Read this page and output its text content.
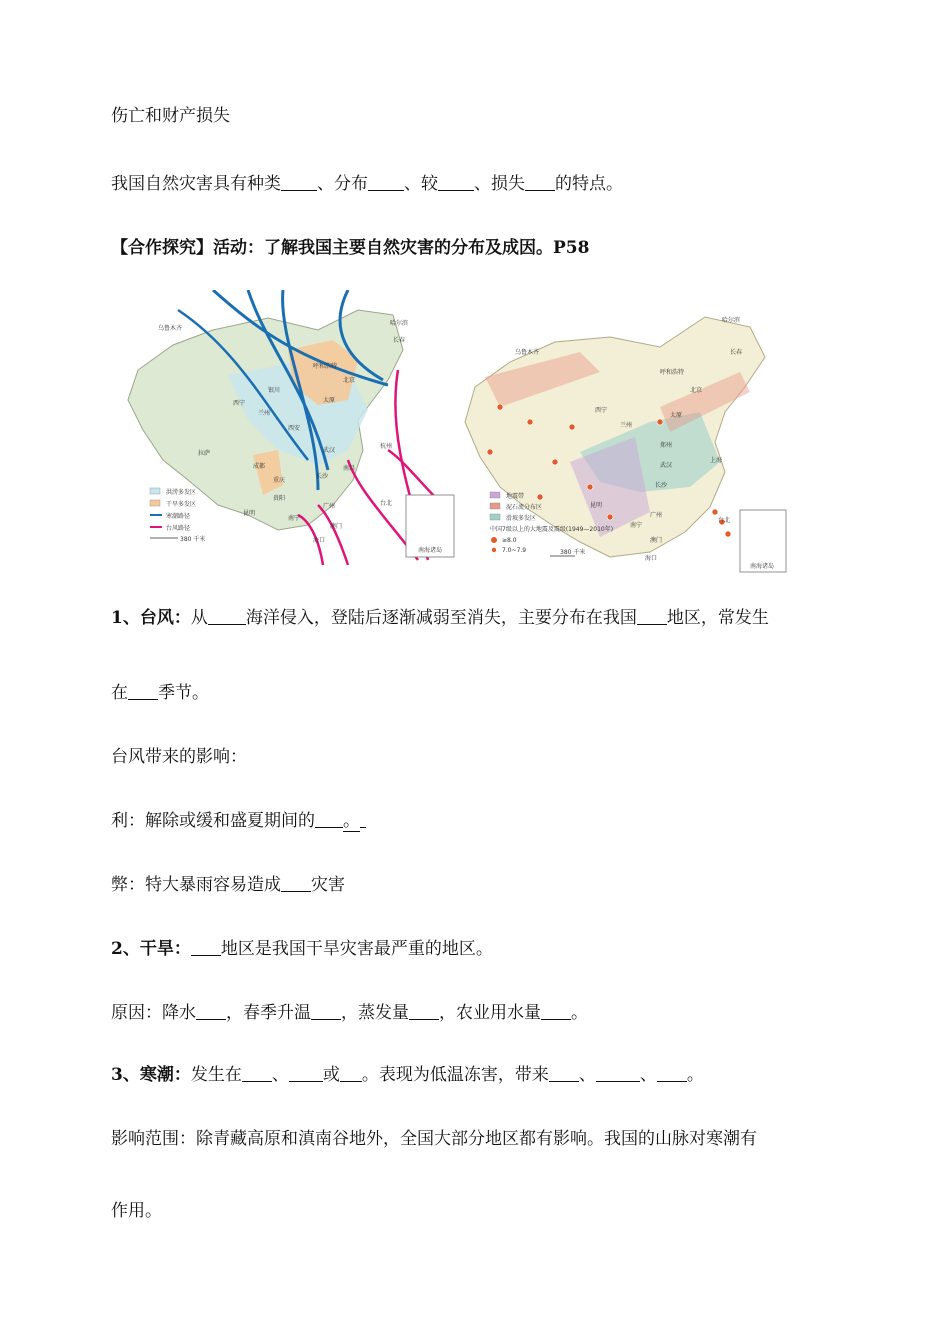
伤亡和财产损失
我国自然灾害具有种类 、分布 、较 、损失 的特点。
【合作探究】活动：了解我国主要自然灾害的分布及成因。P58
南海诸岛
洪涝多发区
干旱多发区
寒潮路径
台风路径
380 千米
乌鲁木齐
哈尔滨
长春
呼和浩特
北京
银川
西宁
兰州
太原
西安
拉萨
成都
重庆
武汉
长沙
南昌
杭州
贵阳
昆明
南宁
广州	台北
澳门
海口
南海诸岛
地震带
泥石流分布区
滑坡多发区
中国7级以上的大地震及震级(1949—2010年)
≥8.0
7.0~7.9	380 千米
哈尔滨
乌鲁木齐	长春
呼和浩特
北京
兰州
太原
西宁
郑州
武汉
上海
长沙
昆明
台北
广州
南宁
澳门
海口
1、台风：从 海洋侵入，登陆后逐渐减弱至消失，主要分布在我国 地区，常发生
在 季节。
台风带来的影响：
利：解除或缓和盛夏期间的 。
弊：特大暴雨容易造成 灾害
2、干旱： 地区是我国干旱灾害最严重的地区。
原因：降水 ，春季升温 ，蒸发量 ，农业用水量 。
3、寒潮：发生在 、 或 。表现为低温冻害，带来 、	、 。
影响范围：除青藏高原和滇南谷地外，全国大部分地区都有影响。我国的山脉对寒潮有
作用。
